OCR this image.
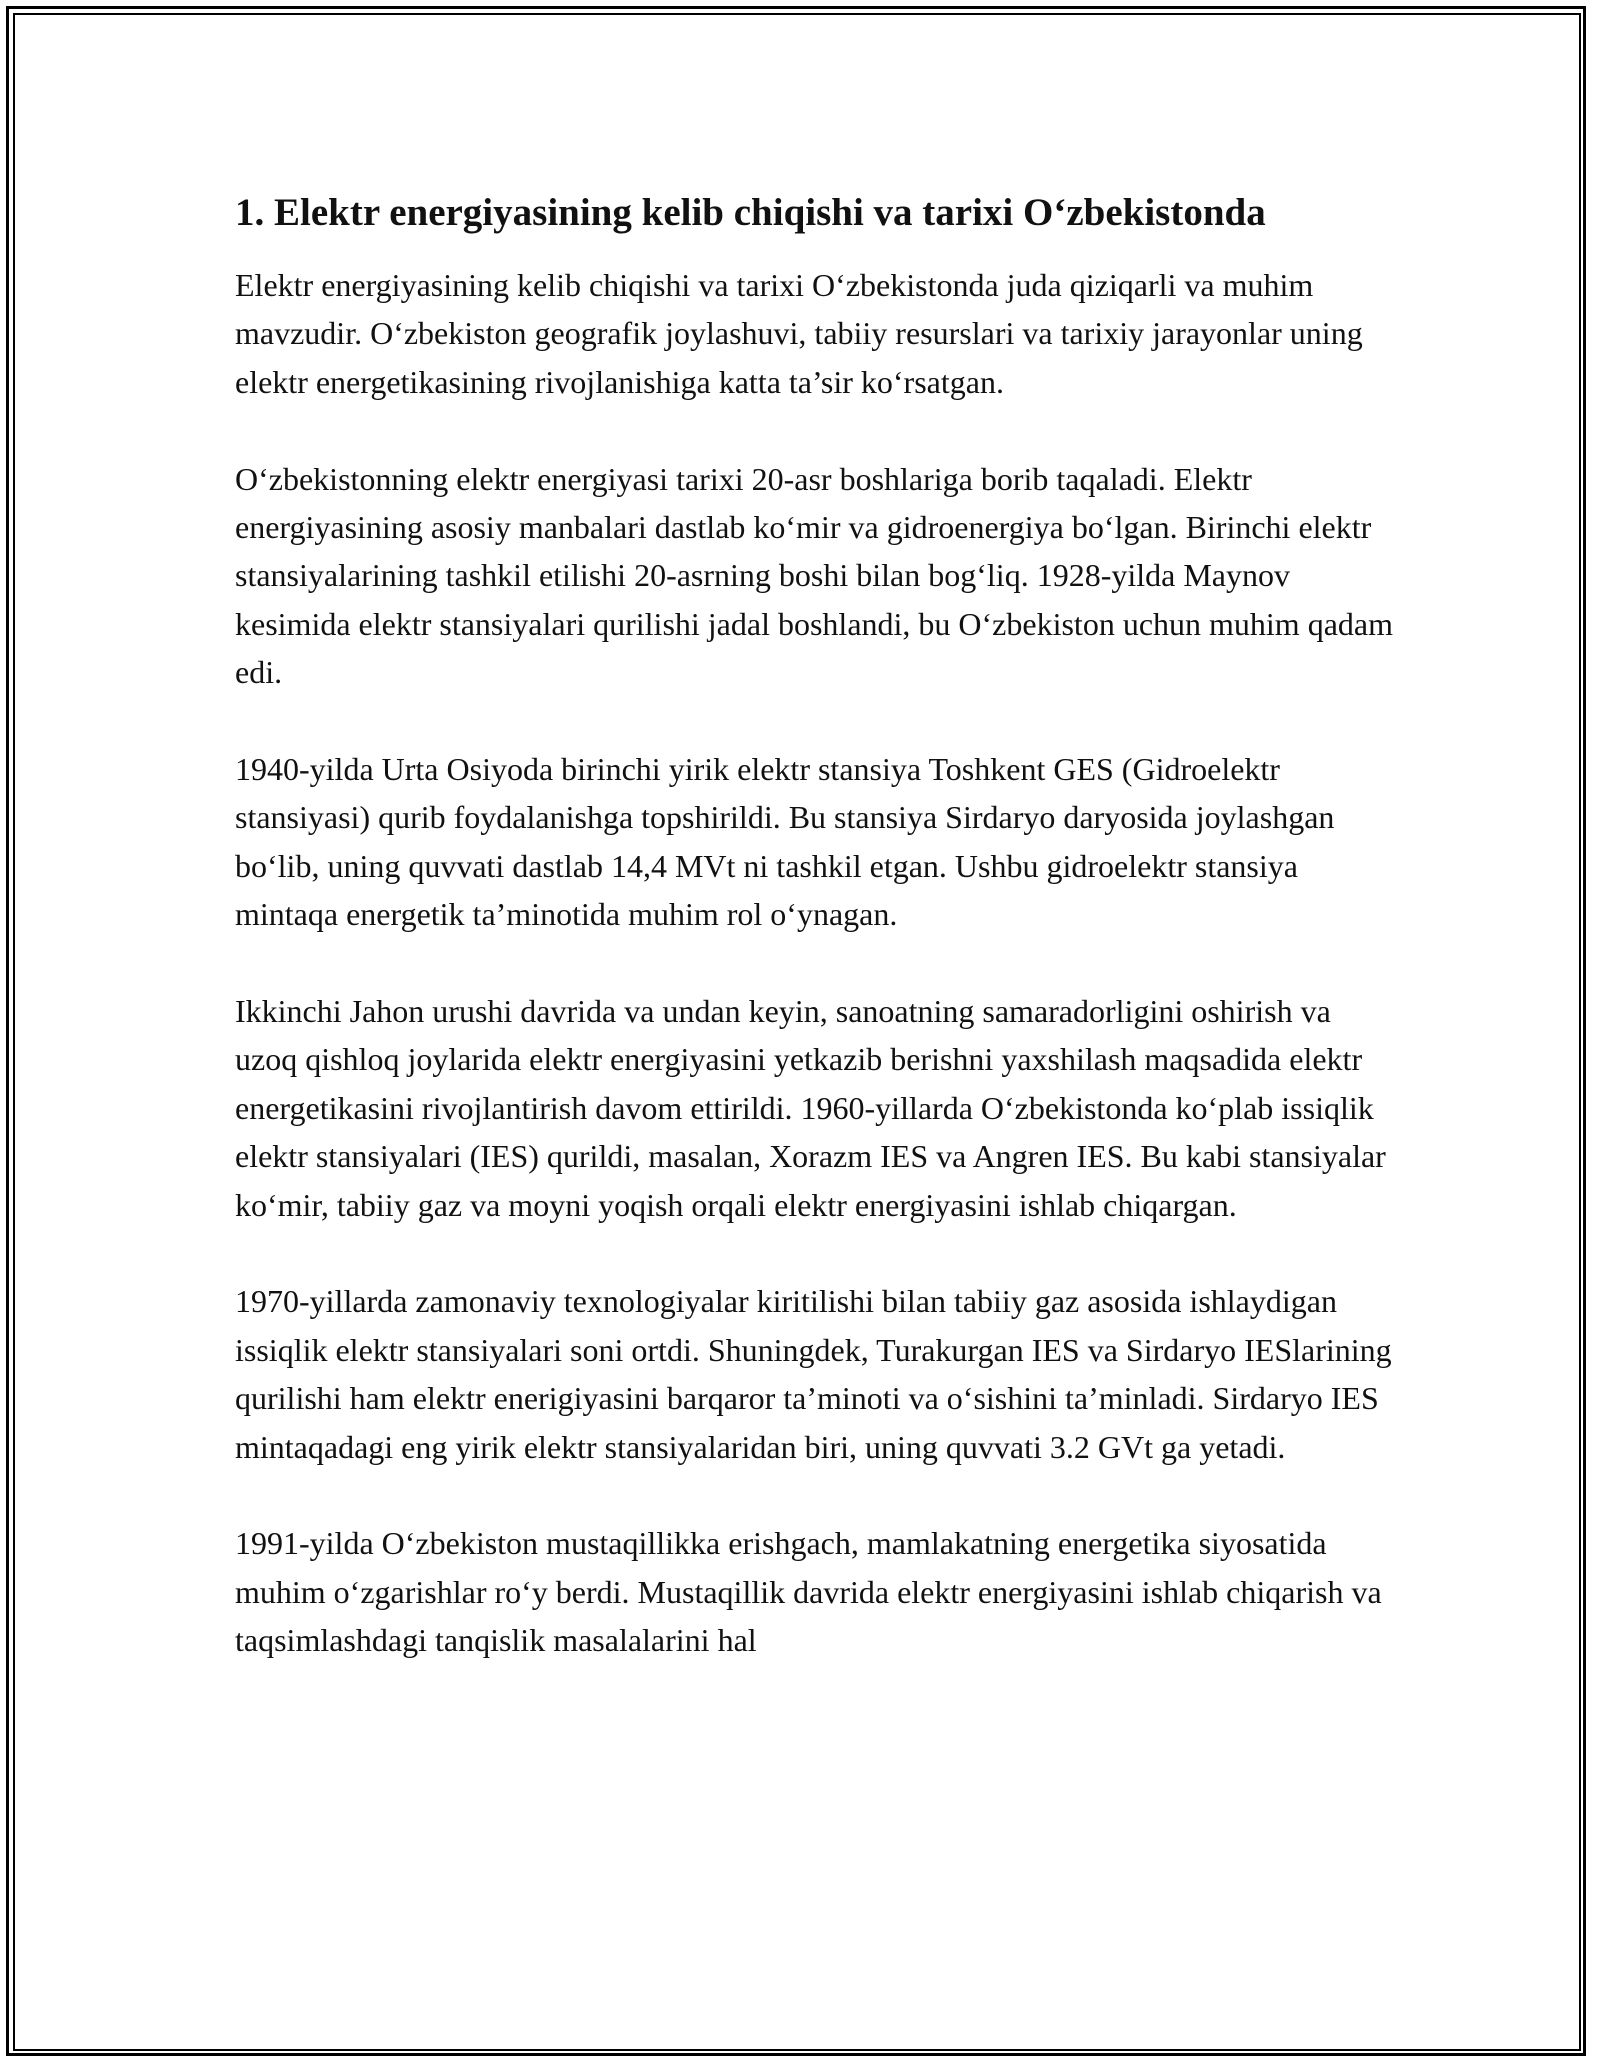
1. Elektr energiyasining kelib chiqishi va tarixi O‘zbekistonda

Elektr energiyasining kelib chiqishi va tarixi O‘zbekistonda juda qiziqarli va muhim mavzudir. O‘zbekiston geografik joylashuvi, tabiiy resurslari va tarixiy jarayonlar uning elektr energetikasining rivojlanishiga katta ta’sir ko‘rsatgan.

O‘zbekistonning elektr energiyasi tarixi 20-asr boshlariga borib taqaladi. Elektr energiyasining asosiy manbalari dastlab ko‘mir va gidroenergiya bo‘lgan. Birinchi elektr stansiyalarining tashkil etilishi 20-asrning boshi bilan bog‘liq. 1928-yilda Maynov kesimida elektr stansiyalari qurilishi jadal boshlandi, bu O‘zbekiston uchun muhim qadam edi.

1940-yilda Urta Osiyoda birinchi yirik elektr stansiya Toshkent GES (Gidroelektr stansiyasi) qurib foydalanishga topshirildi. Bu stansiya Sirdaryo daryosida joylashgan bo‘lib, uning quvvati dastlab 14,4 MVt ni tashkil etgan. Ushbu gidroelektr stansiya mintaqa energetik ta’minotida muhim rol o‘ynagan.

Ikkinchi Jahon urushi davrida va undan keyin, sanoatning samaradorligini oshirish va uzoq qishloq joylarida elektr energiyasini yetkazib berishni yaxshilash maqsadida elektr energetikasini rivojlantirish davom ettirildi. 1960-yillarda O‘zbekistonda ko‘plab issiqlik elektr stansiyalari (IES) qurildi, masalan, Xorazm IES va Angren IES. Bu kabi stansiyalar ko‘mir, tabiiy gaz va moyni yoqish orqali elektr energiyasini ishlab chiqargan.

1970-yillarda zamonaviy texnologiyalar kiritilishi bilan tabiiy gaz asosida ishlaydigan issiqlik elektr stansiyalari soni ortdi. Shuningdek, Turakurgan IES va Sirdaryo IESlarining qurilishi ham elektr enerigiyasini barqaror ta’minoti va o‘sishini ta’minladi. Sirdaryo IES mintaqadagi eng yirik elektr stansiyalaridan biri, uning quvvati 3.2 GVt ga yetadi.

1991-yilda O‘zbekiston mustaqillikka erishgach, mamlakatning energetika siyosatida muhim o‘zgarishlar ro‘y berdi. Mustaqillik davrida elektr energiyasini ishlab chiqarish va taqsimlashdagi tanqislik masalalarini hal
